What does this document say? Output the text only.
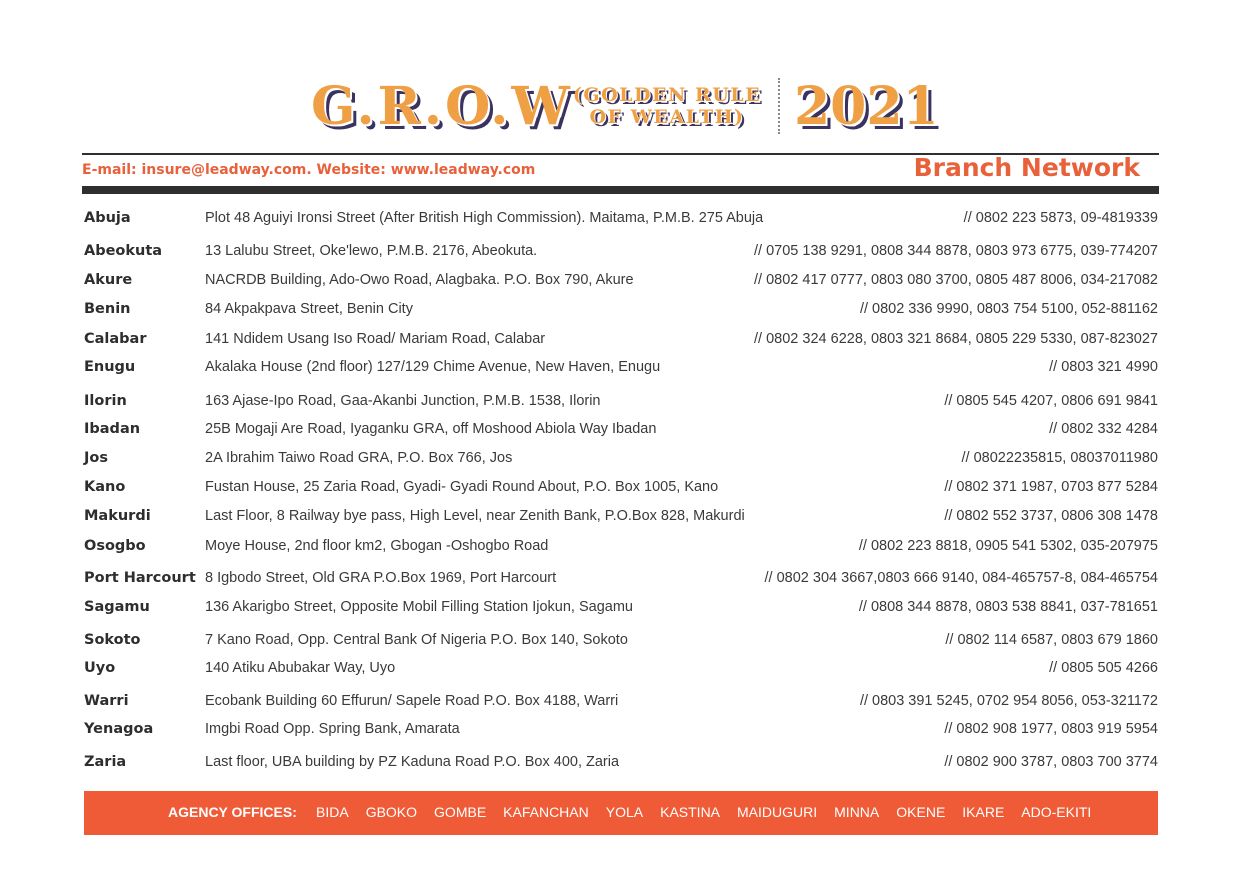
G.R.O.W (GOLDEN RULE
OF WEALTH) 2021
E-mail: insure@leadway.com. Website: www.leadway.com	Branch Network
Abuja	Plot 48 Aguiyi Ironsi Street (After British High Commission). Maitama, P.M.B. 275 Abuja	// 0802 223 5873, 09-4819339
Abeokuta	13 Lalubu Street, Oke'lewo, P.M.B. 2176, Abeokuta.	// 0705 138 9291, 0808 344 8878, 0803 973 6775, 039-774207
Akure	NACRDB Building, Ado-Owo Road, Alagbaka. P.O. Box 790, Akure	// 0802 417 0777, 0803 080 3700, 0805 487 8006, 034-217082
Benin	84 Akpakpava Street, Benin City	// 0802 336 9990, 0803 754 5100, 052-881162
Calabar	141 Ndidem Usang Iso Road/ Mariam Road, Calabar	// 0802 324 6228, 0803 321 8684, 0805 229 5330, 087-823027
Enugu	Akalaka House (2nd floor) 127/129 Chime Avenue, New Haven, Enugu	// 0803 321 4990
Ilorin	163 Ajase-Ipo Road, Gaa-Akanbi Junction, P.M.B. 1538, Ilorin	// 0805 545 4207, 0806 691 9841
Ibadan	25B Mogaji Are Road, Iyaganku GRA, off Moshood Abiola Way Ibadan	// 0802 332 4284
Jos	2A Ibrahim Taiwo Road GRA, P.O. Box 766, Jos	// 08022235815, 08037011980
Kano	Fustan House, 25 Zaria Road, Gyadi- Gyadi Round About, P.O. Box 1005, Kano	// 0802 371 1987, 0703 877 5284
Makurdi	Last Floor, 8 Railway bye pass, High Level, near Zenith Bank, P.O.Box 828, Makurdi	// 0802 552 3737, 0806 308 1478
Osogbo	Moye House, 2nd floor km2, Gbogan -Oshogbo Road	// 0802 223 8818, 0905 541 5302, 035-207975
Port Harcourt 8 Igbodo Street, Old GRA P.O.Box 1969, Port Harcourt	// 0802 304 3667,0803 666 9140, 084-465757-8, 084-465754
Sagamu	136 Akarigbo Street, Opposite Mobil Filling Station Ijokun, Sagamu	// 0808 344 8878, 0803 538 8841, 037-781651
Sokoto	7 Kano Road, Opp. Central Bank Of Nigeria P.O. Box 140, Sokoto	// 0802 114 6587, 0803 679 1860
Uyo	140 Atiku Abubakar Way, Uyo	// 0805 505 4266
Warri	Ecobank Building 60 Effurun/ Sapele Road P.O. Box 4188, Warri	// 0803 391 5245, 0702 954 8056, 053-321172
Yenagoa	Imgbi Road Opp. Spring Bank, Amarata	// 0802 908 1977, 0803 919 5954
Zaria	Last floor, UBA building by PZ Kaduna Road P.O. Box 400, Zaria	// 0802 900 3787, 0803 700 3774
AGENCY OFFICES: BIDA GBOKO GOMBE KAFANCHAN YOLA KASTINA MAIDUGURI MINNA OKENE IKARE ADO-EKITI
